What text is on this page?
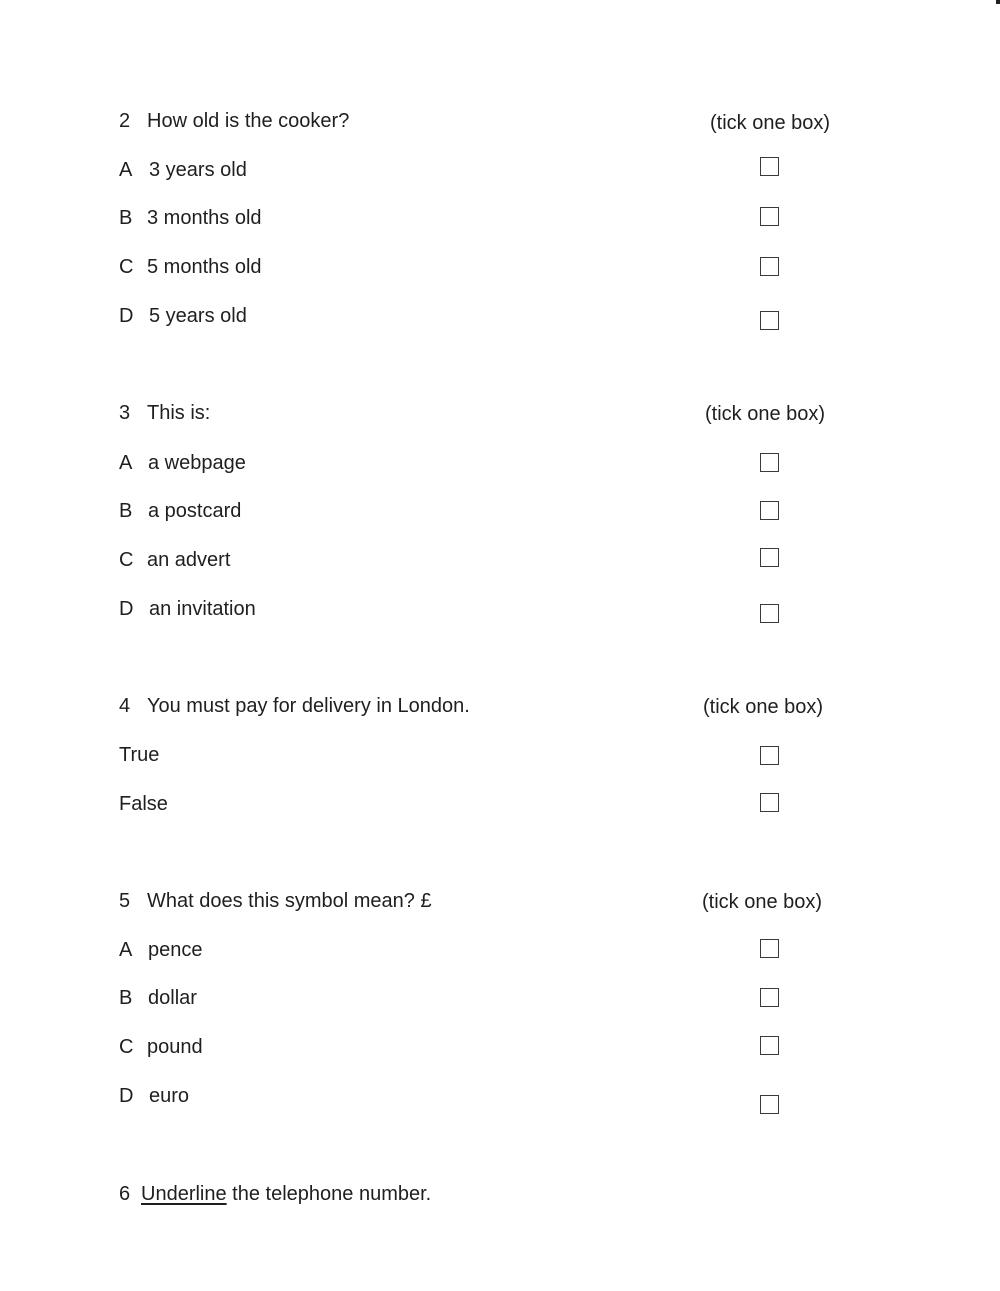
2 How old is the cooker?	(tick one box)
A 3 years old
B 3 months old
C 5 months old
D 5 years old
3 This is:	(tick one box)
A a webpage
B a postcard
C an advert
D an invitation
4 You must pay for delivery in London.	(tick one box)
True
False
5 What does this symbol mean? £	(tick one box)
A pence
B dollar
C pound
D euro
6 Underline the telephone number.
